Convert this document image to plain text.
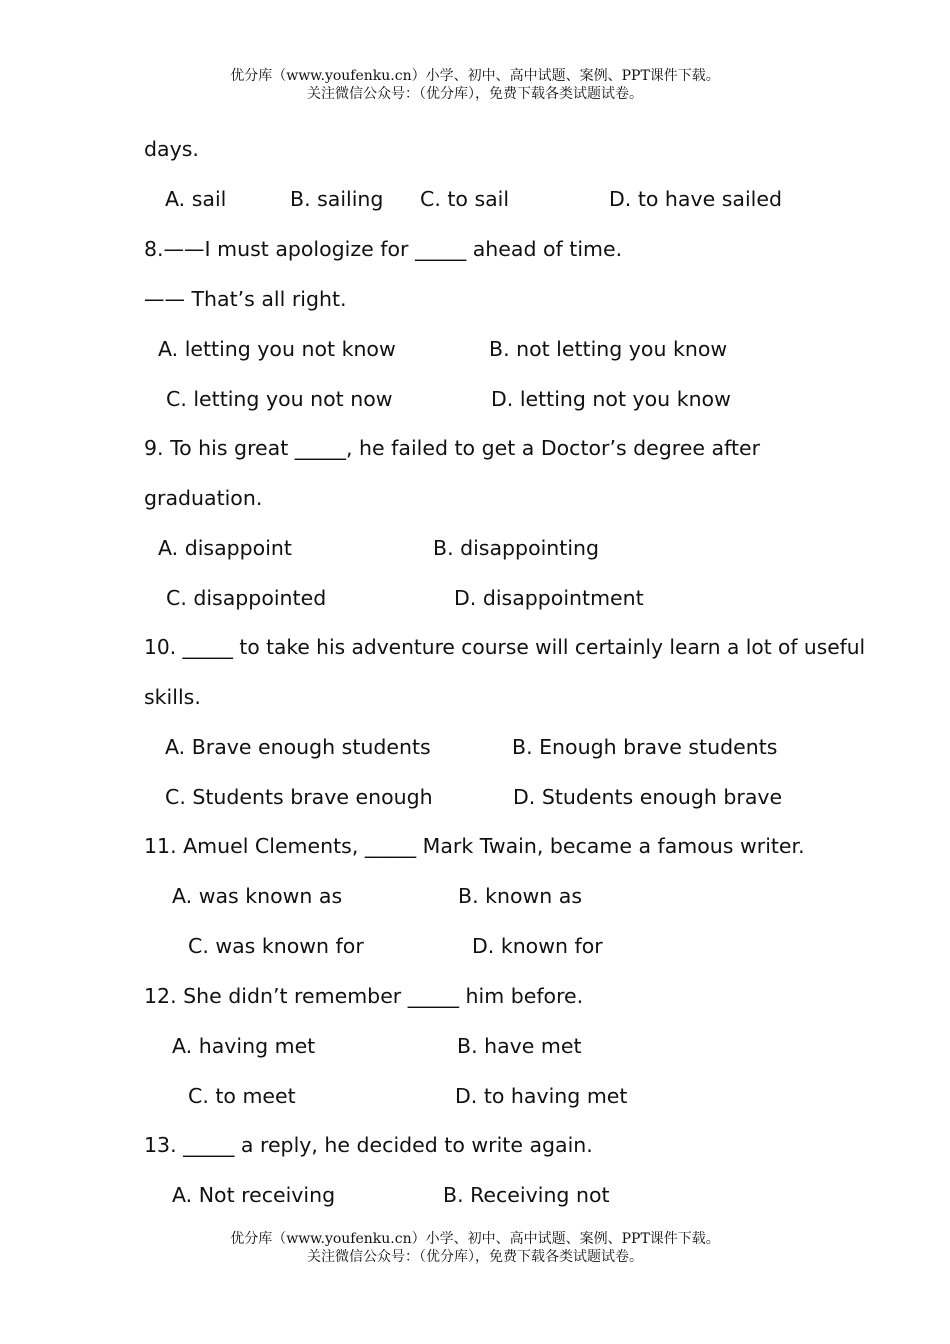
优分库（www.youfenku.cn）小学、初中、高中试题、案例、PPT课件下载。
关注微信公众号：（优分库），免费下载各类试题试卷。
days.
A. sail	B. sailing C. to sail	D. to have sailed
8.——I must apologize for _____ ahead of time.
—— That’s all right.
A. letting you not know	B. not letting you know
C. letting you not now	D. letting not you know
9. To his great _____, he failed to get a Doctor’s degree after
graduation.
A. disappoint	B. disappointing
C. disappointed	D. disappointment
10. _____ to take his adventure course will certainly learn a lot of useful
skills.
A. Brave enough students	B. Enough brave students
C. Students brave enough	D. Students enough brave
11. Amuel Clements, _____ Mark Twain, became a famous writer.
A. was known as	B. known as
C. was known for	D. known for
12. She didn’t remember _____ him before.
A. having met	B. have met
C. to meet	D. to having met
13. _____ a reply, he decided to write again.
A. Not receiving	B. Receiving not
优分库（www.youfenku.cn）小学、初中、高中试题、案例、PPT课件下载。
关注微信公众号：（优分库），免费下载各类试题试卷。
